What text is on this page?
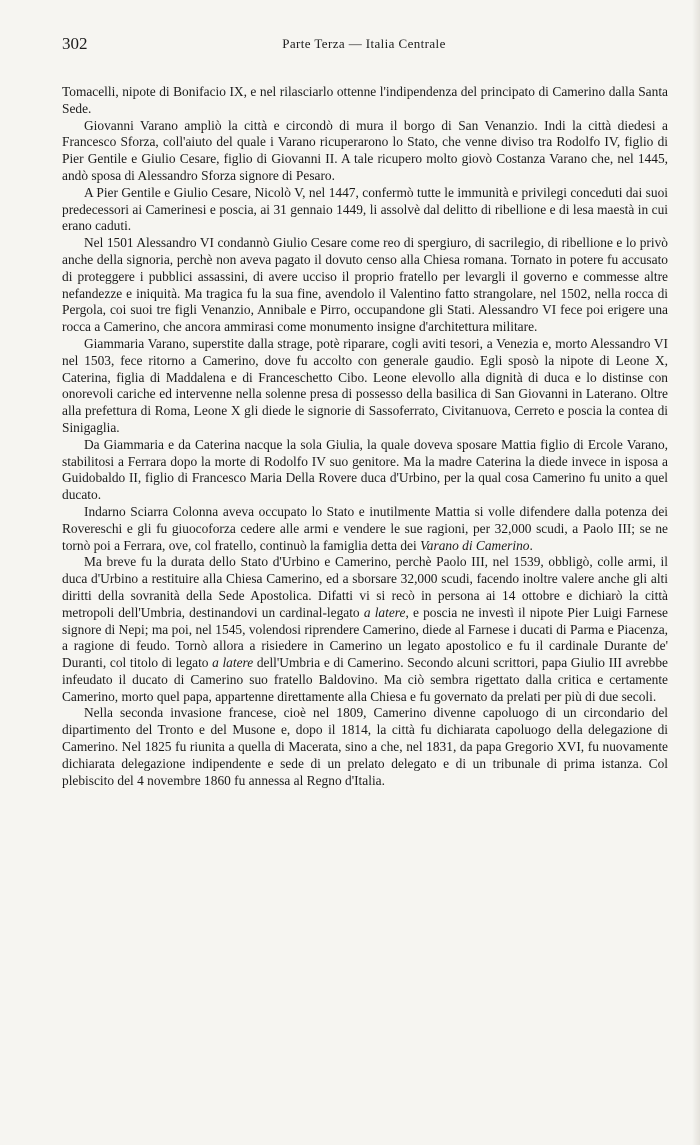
302	Parte Terza — Italia Centrale

Tomacelli, nipote di Bonifacio IX, e nel rilasciarlo ottenne l'indipendenza del principato di Camerino dalla Santa Sede.

Giovanni Varano ampliò la città e circondò di mura il borgo di San Venanzio. Indi la città diedesi a Francesco Sforza, coll'aiuto del quale i Varano ricuperarono lo Stato, che venne diviso tra Rodolfo IV, figlio di Pier Gentile e Giulio Cesare, figlio di Giovanni II. A tale ricupero molto giovò Costanza Varano che, nel 1445, andò sposa di Alessandro Sforza signore di Pesaro.

A Pier Gentile e Giulio Cesare, Nicolò V, nel 1447, confermò tutte le immunità e privilegi conceduti dai suoi predecessori ai Camerinesi e poscia, ai 31 gennaio 1449, li assolvè dal delitto di ribellione e di lesa maestà in cui erano caduti.

Nel 1501 Alessandro VI condannò Giulio Cesare come reo di spergiuro, di sacrilegio, di ribellione e lo privò anche della signoria, perchè non aveva pagato il dovuto censo alla Chiesa romana. Tornato in potere fu accusato di proteggere i pubblici assassini, di avere ucciso il proprio fratello per levargli il governo e commesse altre nefandezze e iniquità. Ma tragica fu la sua fine, avendolo il Valentino fatto strangolare, nel 1502, nella rocca di Pergola, coi suoi tre figli Venanzio, Annibale e Pirro, occupandone gli Stati. Alessandro VI fece poi erigere una rocca a Camerino, che ancora ammirasi come monumento insigne d'architettura militare.

Giammaria Varano, superstite dalla strage, potè riparare, cogli aviti tesori, a Venezia e, morto Alessandro VI nel 1503, fece ritorno a Camerino, dove fu accolto con generale gaudio. Egli sposò la nipote di Leone X, Caterina, figlia di Maddalena e di Franceschetto Cibo. Leone elevollo alla dignità di duca e lo distinse con onorevoli cariche ed intervenne nella solenne presa di possesso della basilica di San Giovanni in Laterano. Oltre alla prefettura di Roma, Leone X gli diede le signorie di Sassoferrato, Civitanuova, Cerreto e poscia la contea di Sinigaglia.

Da Giammaria e da Caterina nacque la sola Giulia, la quale doveva sposare Mattia figlio di Ercole Varano, stabilitosi a Ferrara dopo la morte di Rodolfo IV suo genitore. Ma la madre Caterina la diede invece in isposa a Guidobaldo II, figlio di Francesco Maria Della Rovere duca d'Urbino, per la qual cosa Camerino fu unito a quel ducato.

Indarno Sciarra Colonna aveva occupato lo Stato e inutilmente Mattia si volle difendere dalla potenza dei Rovereschi e gli fu giuocoforza cedere alle armi e vendere le sue ragioni, per 32,000 scudi, a Paolo III; se ne tornò poi a Ferrara, ove, col fratello, continuò la famiglia detta dei Varano di Camerino.

Ma breve fu la durata dello Stato d'Urbino e Camerino, perchè Paolo III, nel 1539, obbligò, colle armi, il duca d'Urbino a restituire alla Chiesa Camerino, ed a sborsare 32,000 scudi, facendo inoltre valere anche gli alti diritti della sovranità della Sede Apostolica. Difatti vi si recò in persona ai 14 ottobre e dichiarò la città metropoli dell'Umbria, destinandovi un cardinal-legato a latere, e poscia ne investì il nipote Pier Luigi Farnese signore di Nepi; ma poi, nel 1545, volendosi riprendere Camerino, diede al Farnese i ducati di Parma e Piacenza, a ragione di feudo. Tornò allora a risiedere in Camerino un legato apostolico e fu il cardinale Durante de' Duranti, col titolo di legato a latere dell'Umbria e di Camerino. Secondo alcuni scrittori, papa Giulio III avrebbe infeudato il ducato di Camerino suo fratello Baldovino. Ma ciò sembra rigettato dalla critica e certamente Camerino, morto quel papa, appartenne direttamente alla Chiesa e fu governato da prelati per più di due secoli.

Nella seconda invasione francese, cioè nel 1809, Camerino divenne capoluogo di un circondario del dipartimento del Tronto e del Musone e, dopo il 1814, la città fu dichiarata capoluogo della delegazione di Camerino. Nel 1825 fu riunita a quella di Macerata, sino a che, nel 1831, da papa Gregorio XVI, fu nuovamente dichiarata delegazione indipendente e sede di un prelato delegato e di un tribunale di prima istanza. Col plebiscito del 4 novembre 1860 fu annessa al Regno d'Italia.
